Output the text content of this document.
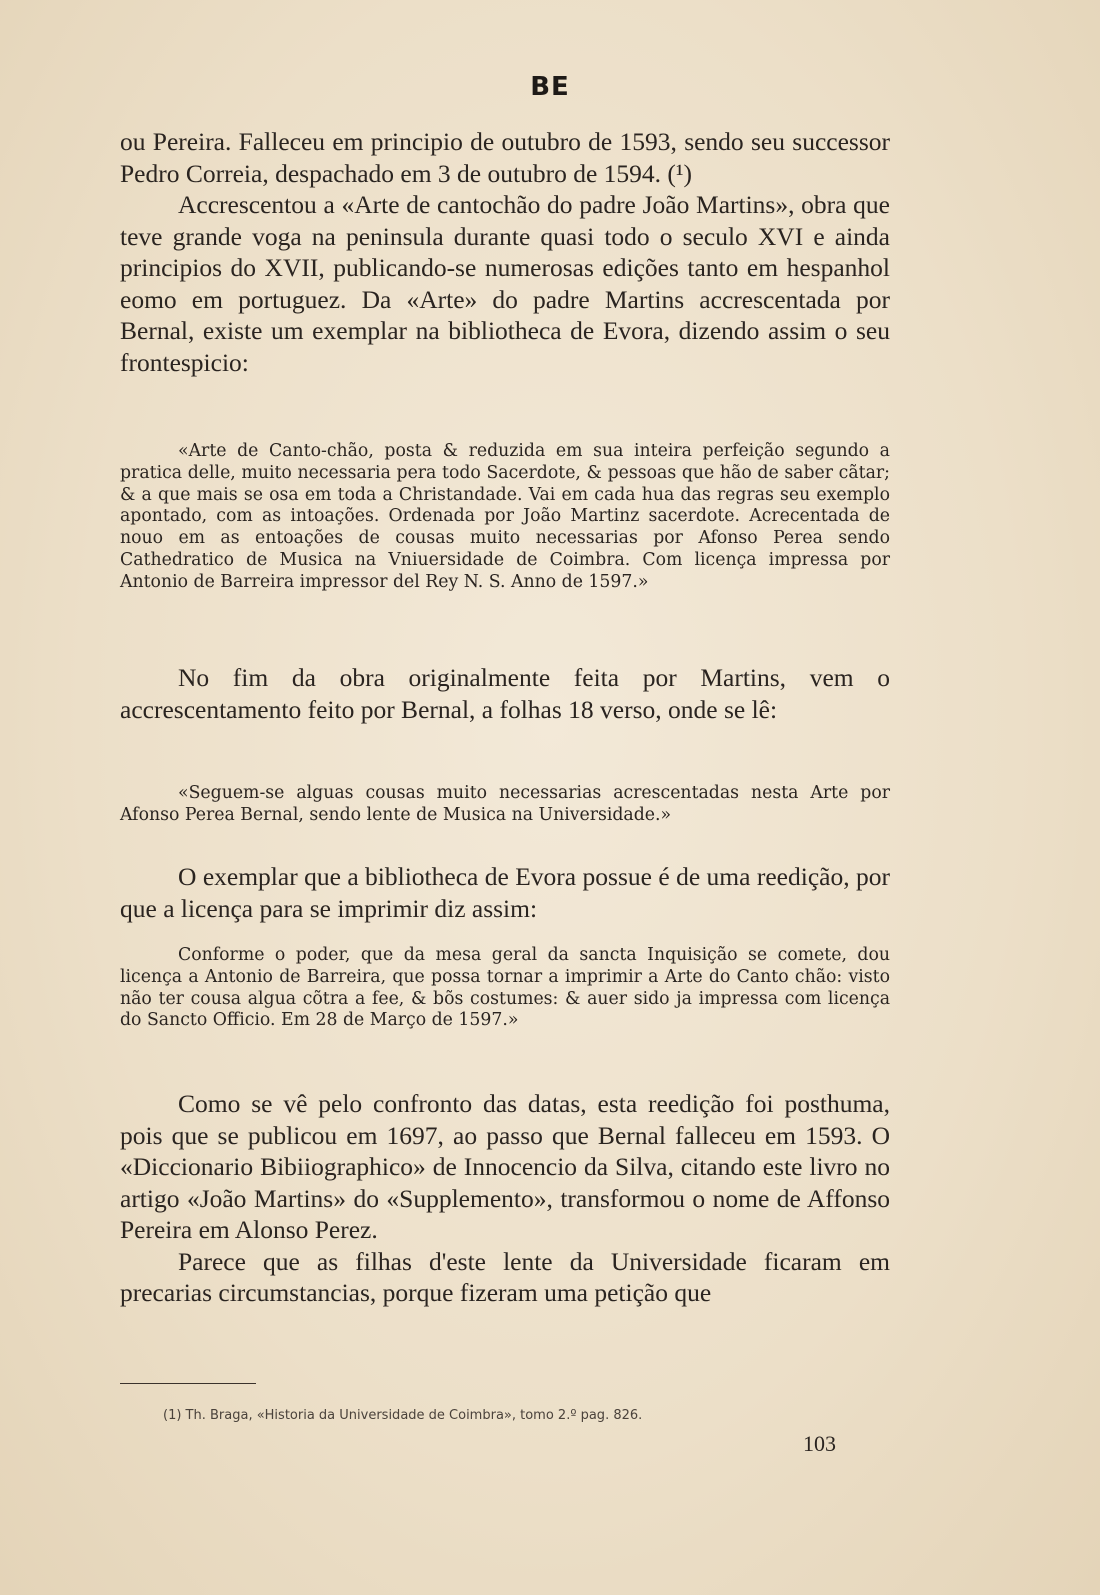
BE

ou Pereira. Falleceu em principio de outubro de 1593, sendo seu successor Pedro Correia, despachado em 3 de outubro de 1594. (¹)

Accrescentou a «Arte de cantochão do padre João Martins», obra que teve grande voga na peninsula durante quasi todo o seculo XVI e ainda principios do XVII, publicando-se numerosas edições tanto em hespanhol eomo em portuguez. Da «Arte» do padre Martins accrescentada por Bernal, existe um exemplar na bibliotheca de Evora, dizendo assim o seu frontespicio:

«Arte de Canto-chão, posta & reduzida em sua inteira perfeição segundo a pratica delle, muito necessaria pera todo Sacerdote, & pessoas que hão de saber cãtar; & a que mais se osa em toda a Christandade. Vai em cada hua das regras seu exemplo apontado, com as intoações. Ordenada por João Martinz sacerdote. Acrecentada de nouo em as entoações de cousas muito necessarias por Afonso Perea sendo Cathedratico de Musica na Vniuersidade de Coimbra. Com licença impressa por Antonio de Barreira impressor del Rey N. S. Anno de 1597.»

No fim da obra originalmente feita por Martins, vem o accrescentamento feito por Bernal, a folhas 18 verso, onde se lê:

«Seguem-se alguas cousas muito necessarias acrescentadas nesta Arte por Afonso Perea Bernal, sendo lente de Musica na Universidade.»

O exemplar que a bibliotheca de Evora possue é de uma reedição, por que a licença para se imprimir diz assim:

Conforme o poder, que da mesa geral da sancta Inquisição se comete, dou licença a Antonio de Barreira, que possa tornar a imprimir a Arte do Canto chão: visto não ter cousa algua cõtra a fee, & bõs costumes: & auer sido ja impressa com licença do Sancto Officio. Em 28 de Março de 1597.»

Como se vê pelo confronto das datas, esta reedição foi posthuma, pois que se publicou em 1697, ao passo que Bernal falleceu em 1593. O «Diccionario Bibiiographico» de Innocencio da Silva, citando este livro no artigo «João Martins» do «Supplemento», transformou o nome de Affonso Pereira em Alonso Perez.

Parece que as filhas d'este lente da Universidade ficaram em precarias circumstancias, porque fizeram uma petição que

(1) Th. Braga, «Historia da Universidade de Coimbra», tomo 2.º pag. 826.
103
